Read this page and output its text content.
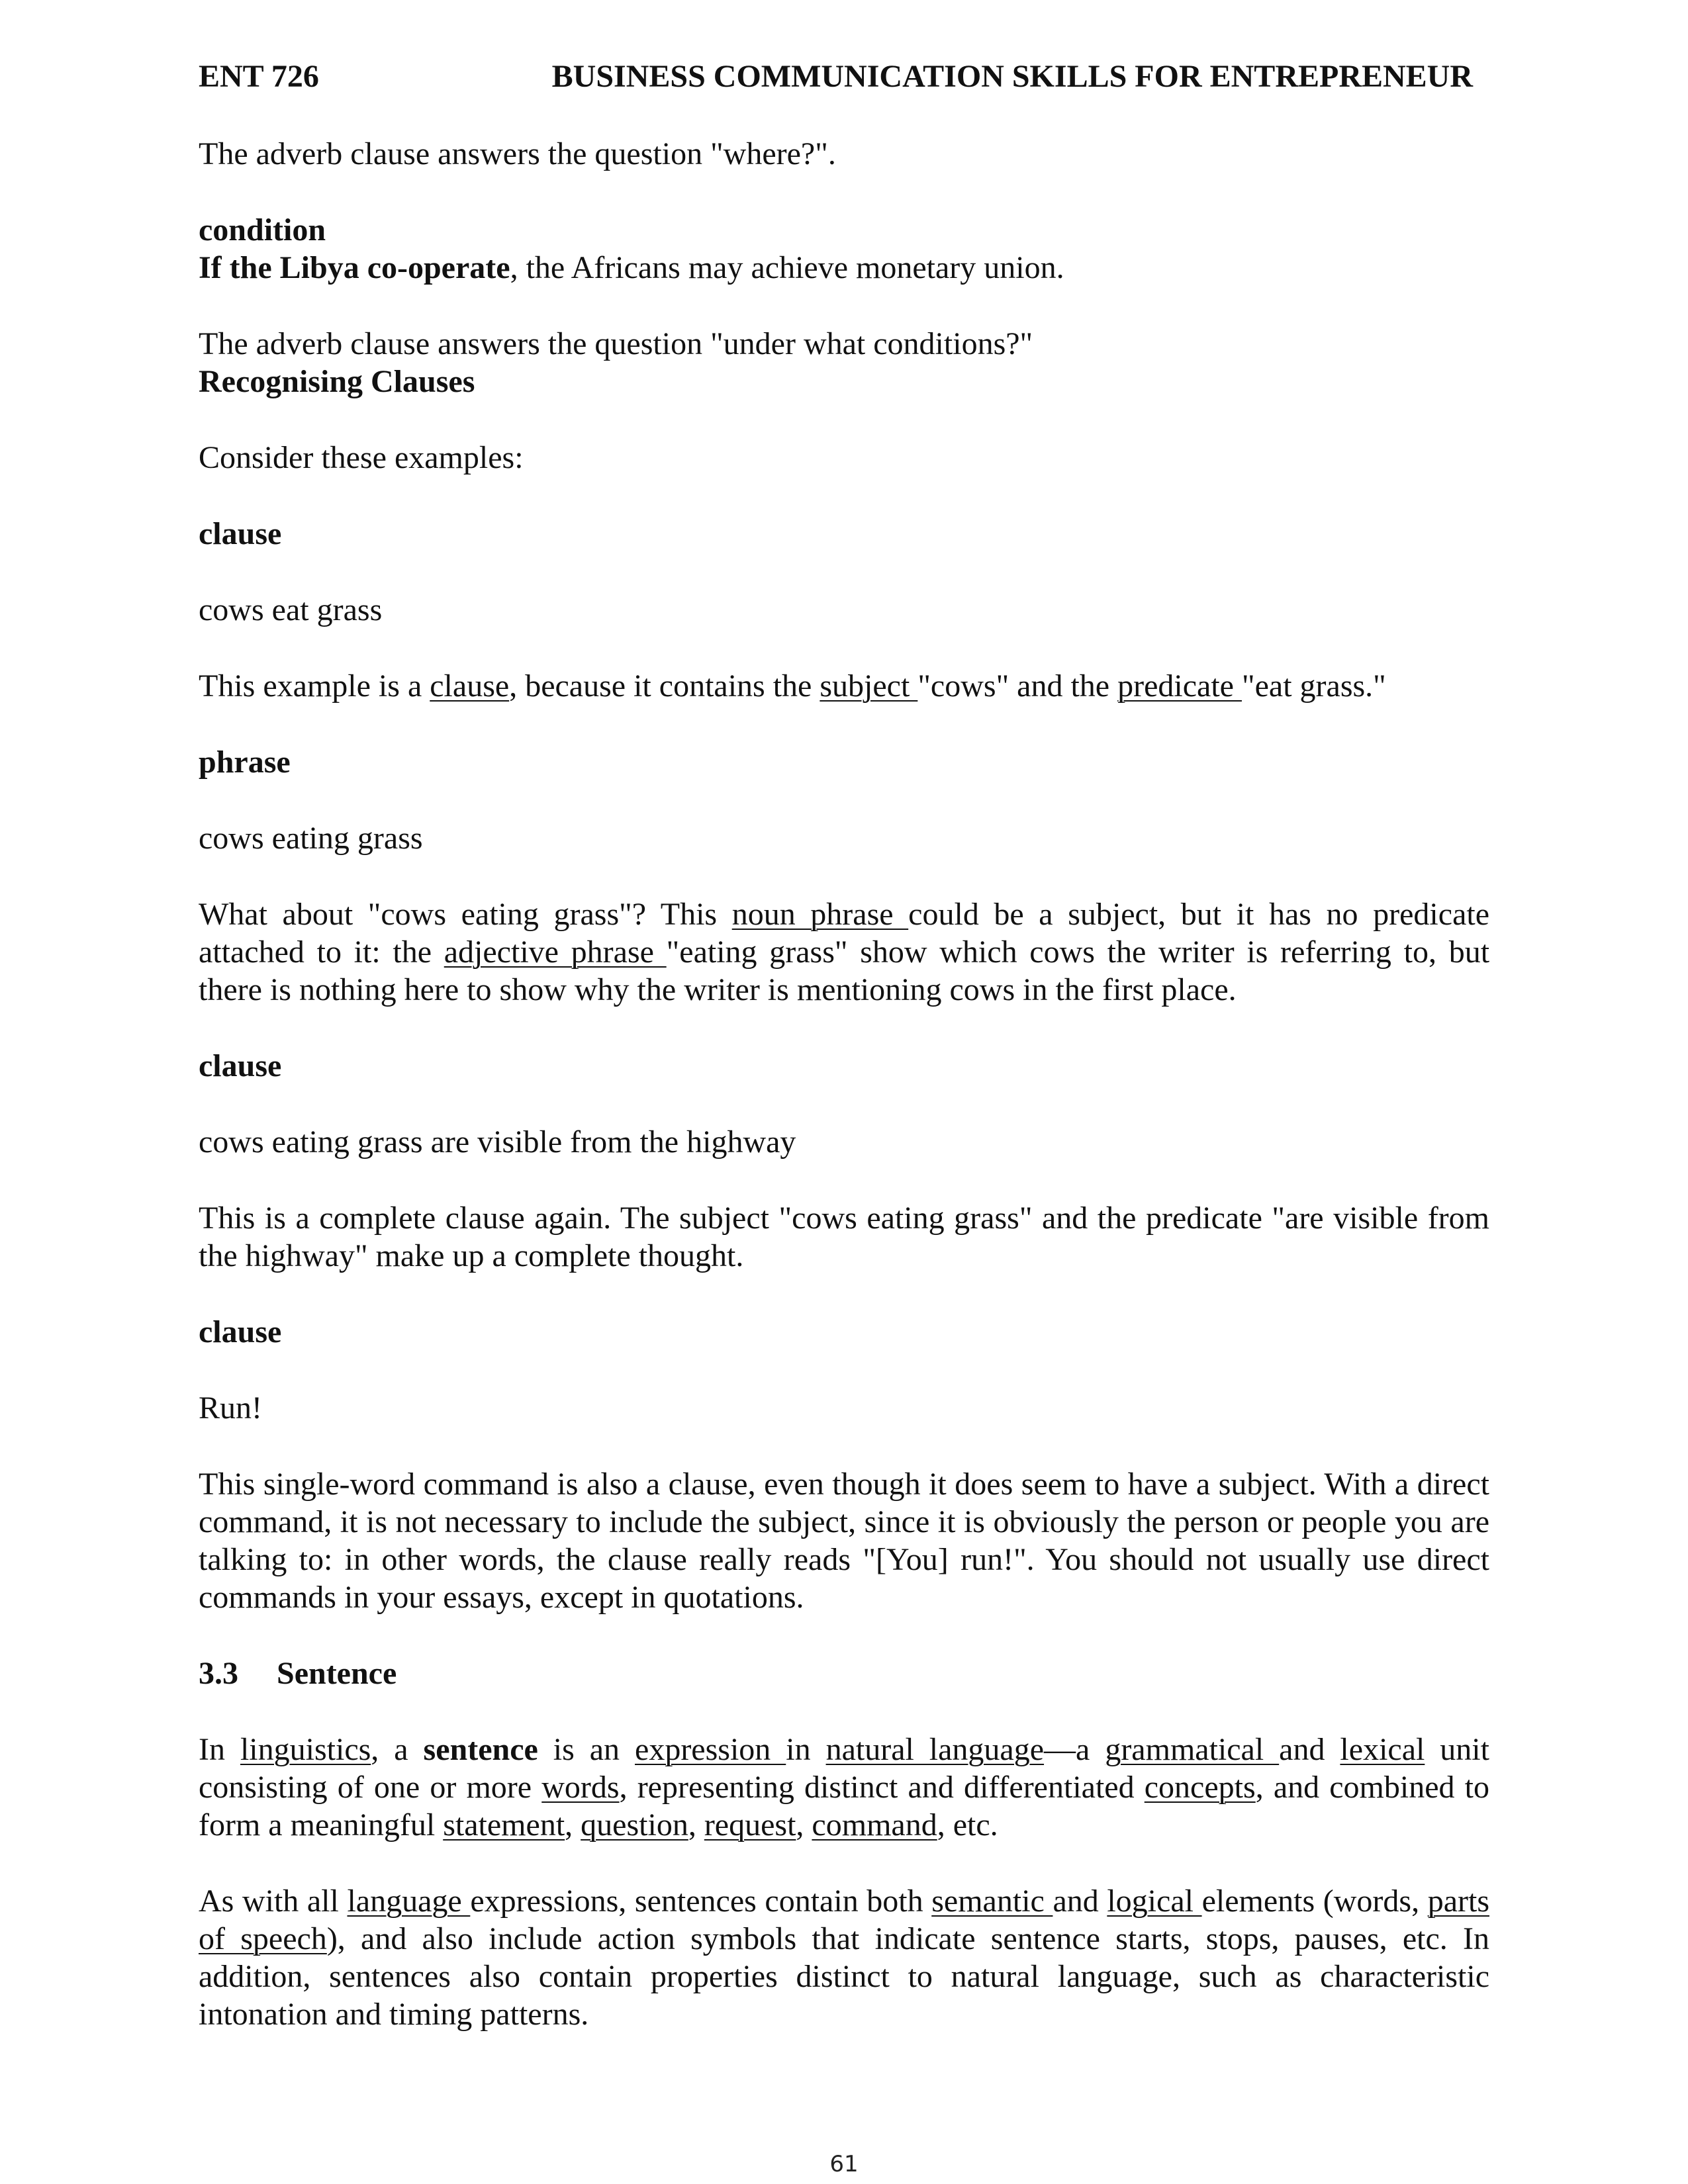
ENT 726	BUSINESS COMMUNICATION SKILLS FOR ENTREPRENEUR

The adverb clause answers the question "where?".

condition

If the Libya co-operate, the Africans may achieve monetary union.

The adverb clause answers the question "under what conditions?"

Recognising Clauses

Consider these examples:

clause

cows eat grass

This example is a clause, because it contains the subject "cows" and the predicate "eat grass."

phrase

cows eating grass

What about "cows eating grass"? This noun phrase could be a subject, but it has no predicate attached to it: the adjective phrase "eating grass" show which cows the writer is referring to, but there is nothing here to show why the writer is mentioning cows in the first place.

clause

cows eating grass are visible from the highway

This is a complete clause again. The subject "cows eating grass" and the predicate "are visible from the highway" make up a complete thought.

clause

Run!

This single-word command is also a clause, even though it does seem to have a subject. With a direct command, it is not necessary to include the subject, since it is obviously the person or people you are talking to: in other words, the clause really reads "[You] run!". You should not usually use direct commands in your essays, except in quotations.

3.3 Sentence

In linguistics, a sentence is an expression in natural language—a grammatical and lexical unit consisting of one or more words, representing distinct and differentiated concepts, and combined to form a meaningful statement, question, request, command, etc.

As with all language expressions, sentences contain both semantic and logical elements (words, parts of speech), and also include action symbols that indicate sentence starts, stops, pauses, etc. In addition, sentences also contain properties distinct to natural language, such as characteristic intonation and timing patterns.

61
